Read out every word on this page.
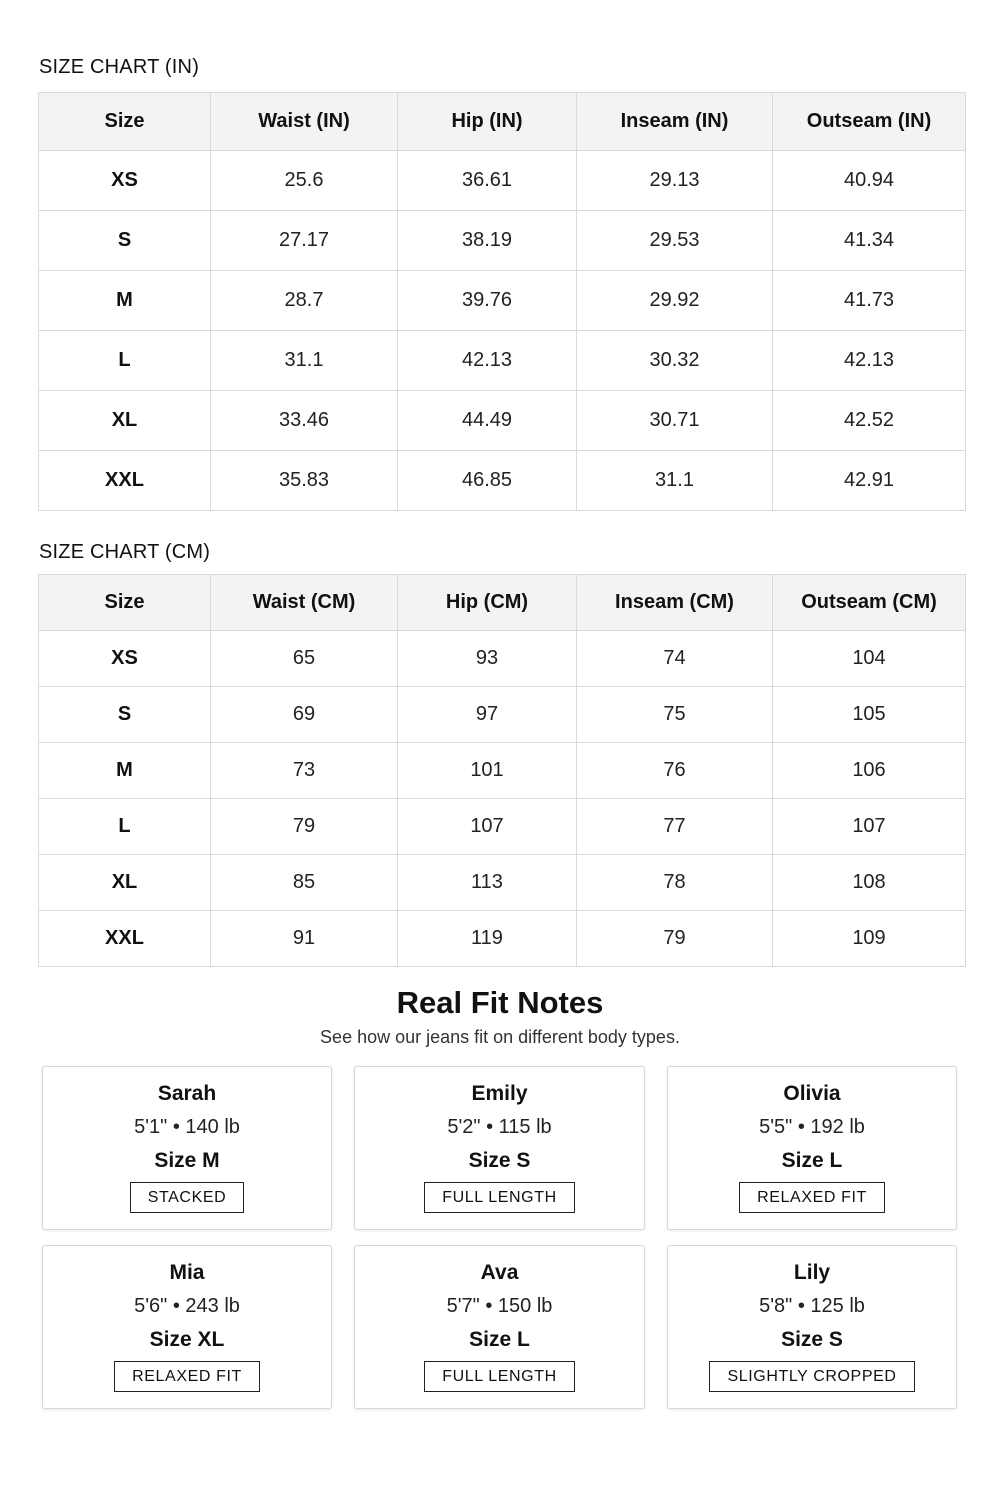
SIZE CHART (IN)
Size	Waist (IN)	Hip (IN)	Inseam (IN)	Outseam (IN)
XS	25.6	36.61	29.13	40.94
S	27.17	38.19	29.53	41.34
M	28.7	39.76	29.92	41.73
L	31.1	42.13	30.32	42.13
XL	33.46	44.49	30.71	42.52
XXL	35.83	46.85	31.1	42.91
SIZE CHART (CM)
Size	Waist (CM)	Hip (CM)	Inseam (CM)	Outseam (CM)
XS	65	93	74	104
S	69	97	75	105
M	73	101	76	106
L	79	107	77	107
XL	85	113	78	108
XXL	91	119	79	109
Real Fit Notes
See how our jeans fit on different body types.
Sarah
5'1" • 140 lb
Size M
STACKED
Emily
5'2" • 115 lb
Size S
FULL LENGTH
Olivia
5'5" • 192 lb
Size L
RELAXED FIT
Mia
5'6" • 243 lb
Size XL
RELAXED FIT
Ava
5'7" • 150 lb
Size L
FULL LENGTH
Lily
5'8" • 125 lb
Size S
SLIGHTLY CROPPED
